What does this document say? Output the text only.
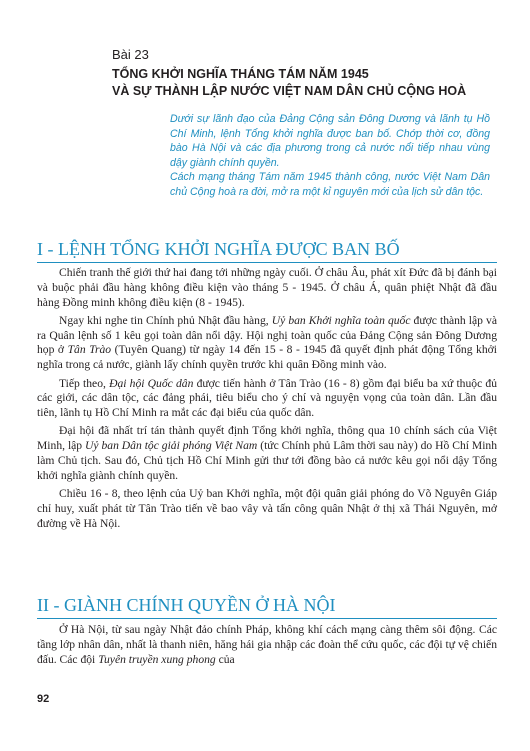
Bài 23
TỔNG KHỞI NGHĨA THÁNG TÁM NĂM 1945
VÀ SỰ THÀNH LẬP NƯỚC VIỆT NAM DÂN CHỦ CỘNG HOÀ

Dưới sự lãnh đạo của Đảng Cộng sản Đông Dương và lãnh tụ Hồ Chí Minh, lệnh Tổng khởi nghĩa được ban bố. Chớp thời cơ, đồng bào Hà Nội và các địa phương trong cả nước nổi tiếp nhau vùng dậy giành chính quyền.

Cách mạng tháng Tám năm 1945 thành công, nước Việt Nam Dân chủ Cộng hoà ra đời, mở ra một kỉ nguyên mới của lịch sử dân tộc.

I - LỆNH TỔNG KHỞI NGHĨA ĐƯỢC BAN BỐ

Chiến tranh thế giới thứ hai đang tới những ngày cuối. Ở châu Âu, phát xít Đức đã bị đánh bại và buộc phải đầu hàng không điều kiện vào tháng 5 - 1945. Ở châu Á, quân phiệt Nhật đã đầu hàng Đồng minh không điều kiện (8 - 1945).

Ngay khi nghe tin Chính phủ Nhật đầu hàng, Uỷ ban Khởi nghĩa toàn quốc được thành lập và ra Quân lệnh số 1 kêu gọi toàn dân nổi dậy. Hội nghị toàn quốc của Đảng Cộng sản Đông Dương họp ở Tân Trào (Tuyên Quang) từ ngày 14 đến 15 - 8 - 1945 đã quyết định phát động Tổng khởi nghĩa trong cả nước, giành lấy chính quyền trước khi quân Đồng minh vào.

Tiếp theo, Đại hội Quốc dân được tiến hành ở Tân Trào (16 - 8) gồm đại biểu ba xứ thuộc đủ các giới, các dân tộc, các đảng phái, tiêu biểu cho ý chí và nguyện vọng của toàn dân. Lần đầu tiên, lãnh tụ Hồ Chí Minh ra mắt các đại biểu của quốc dân.

Đại hội đã nhất trí tán thành quyết định Tổng khởi nghĩa, thông qua 10 chính sách của Việt Minh, lập Uỷ ban Dân tộc giải phóng Việt Nam (tức Chính phủ Lâm thời sau này) do Hồ Chí Minh làm Chủ tịch. Sau đó, Chủ tịch Hồ Chí Minh gửi thư tới đồng bào cả nước kêu gọi nổi dậy Tổng khởi nghĩa giành chính quyền.

Chiều 16 - 8, theo lệnh của Uỷ ban Khởi nghĩa, một đội quân giải phóng do Võ Nguyên Giáp chỉ huy, xuất phát từ Tân Trào tiến về bao vây và tấn công quân Nhật ở thị xã Thái Nguyên, mở đường về Hà Nội.

II - GIÀNH CHÍNH QUYỀN Ở HÀ NỘI

Ở Hà Nội, từ sau ngày Nhật đảo chính Pháp, không khí cách mạng càng thêm sôi động. Các tầng lớp nhân dân, nhất là thanh niên, hăng hái gia nhập các đoàn thể cứu quốc, các đội tự vệ chiến đấu. Các đội Tuyên truyền xung phong của

92
